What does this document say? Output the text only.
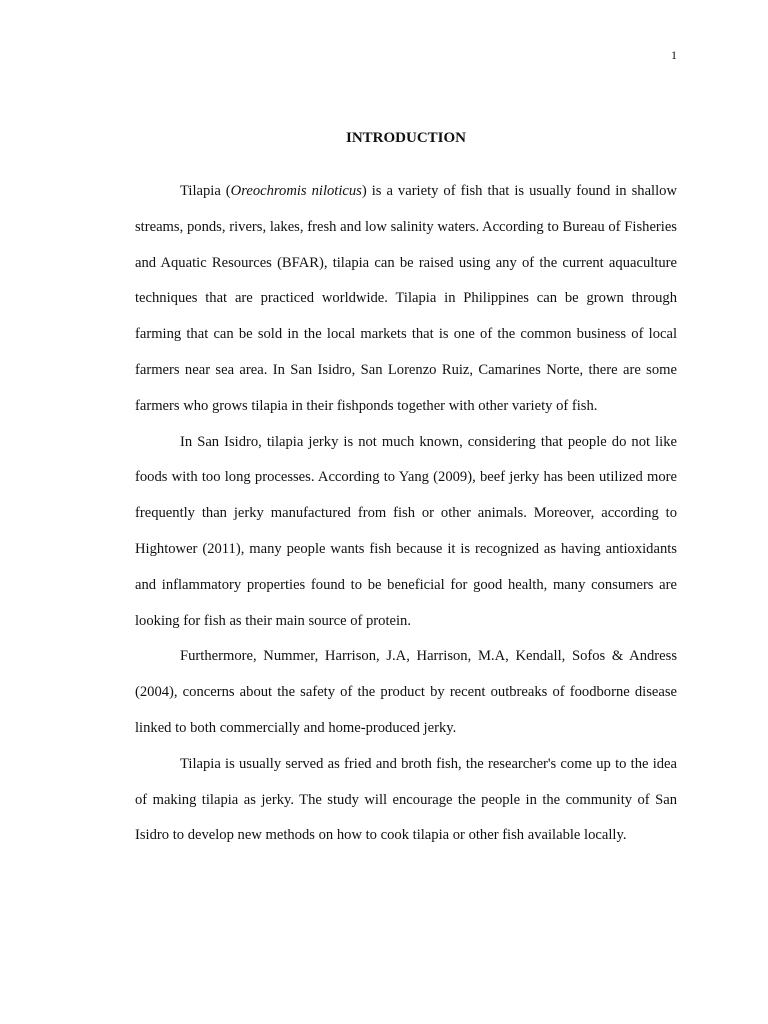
1
INTRODUCTION

Tilapia (Oreochromis niloticus) is a variety of fish that is usually found in shallow streams, ponds, rivers, lakes, fresh and low salinity waters. According to Bureau of Fisheries and Aquatic Resources (BFAR), tilapia can be raised using any of the current aquaculture techniques that are practiced worldwide. Tilapia in Philippines can be grown through farming that can be sold in the local markets that is one of the common business of local farmers near sea area. In San Isidro, San Lorenzo Ruiz, Camarines Norte, there are some farmers who grows tilapia in their fishponds together with other variety of fish.

In San Isidro, tilapia jerky is not much known, considering that people do not like foods with too long processes. According to Yang (2009), beef jerky has been utilized more frequently than jerky manufactured from fish or other animals. Moreover, according to Hightower (2011), many people wants fish because it is recognized as having antioxidants and inflammatory properties found to be beneficial for good health, many consumers are looking for fish as their main source of protein.

Furthermore, Nummer, Harrison, J.A, Harrison, M.A, Kendall, Sofos & Andress (2004), concerns about the safety of the product by recent outbreaks of foodborne disease linked to both commercially and home-produced jerky.

Tilapia is usually served as fried and broth fish, the researcher's come up to the idea of making tilapia as jerky. The study will encourage the people in the community of San Isidro to develop new methods on how to cook tilapia or other fish available locally.
